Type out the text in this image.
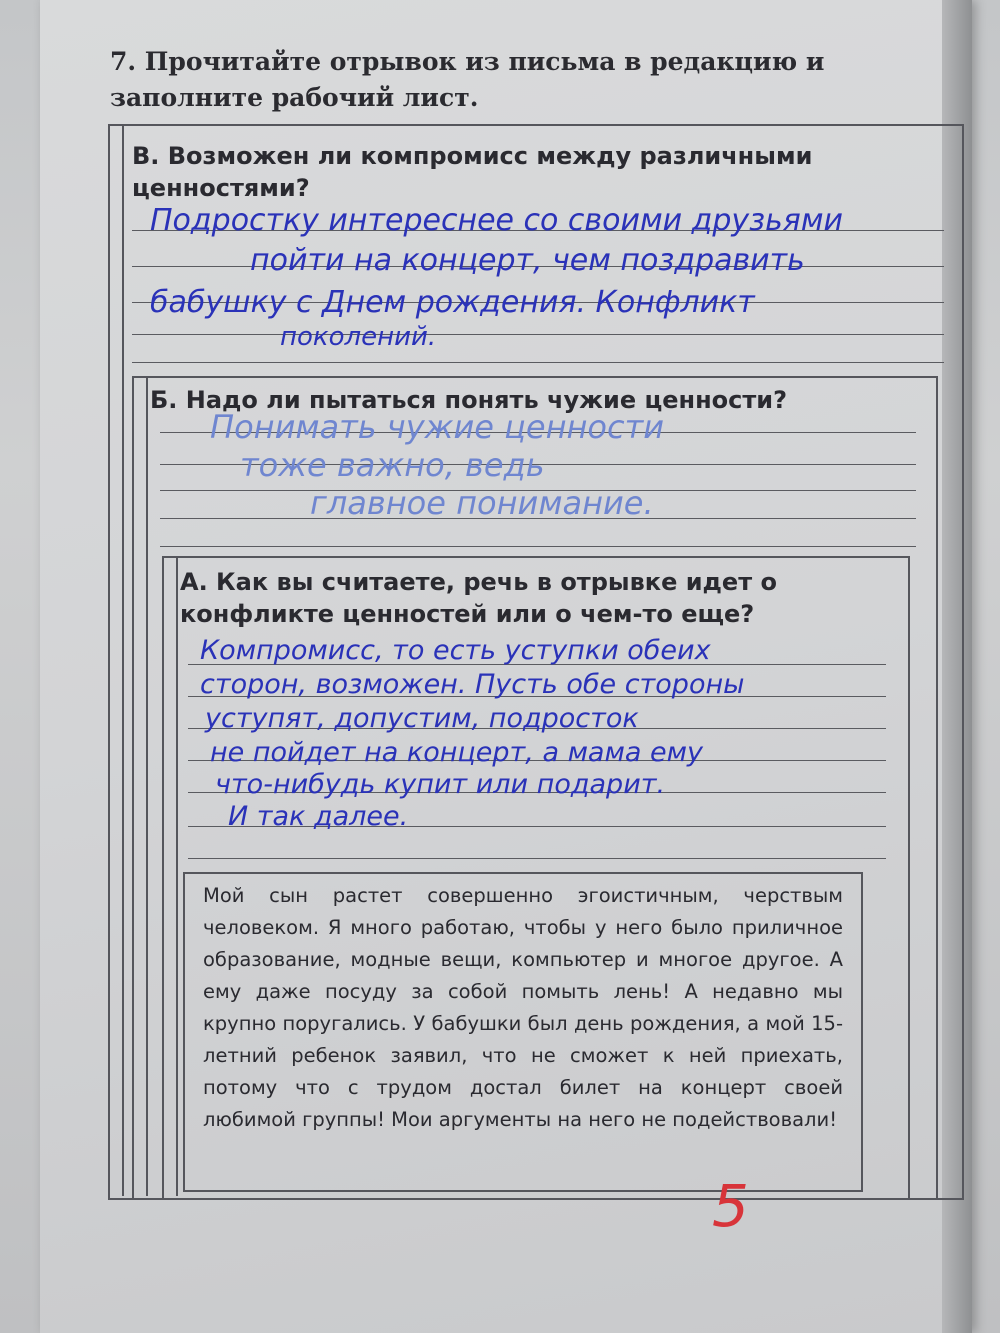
7. Прочитайте отрывок из письма в редакцию и заполните рабочий лист.

В. Возможен ли компромисс между различными ценностями?

Подростку интереснее со своими друзьями

пойти на концерт, чем поздравить

бабушку с Днем рождения. Конфликт

поколений.

Б. Надо ли пытаться понять чужие ценности?

Понимать чужие ценности

тоже важно, ведь

главное понимание.

А. Как вы считаете, речь в отрывке идет о конфликте ценностей или о чем-то еще?

Компромисс, то есть уступки обеих

сторон, возможен. Пусть обе стороны

уступят, допустим, подросток

не пойдет на концерт, а мама ему

что-нибудь купит или подарит.

И так далее.

Мой сын растет совершенно эгоистичным, черствым человеком. Я много работаю, чтобы у него было приличное образование, модные вещи, компьютер и многое другое. А ему даже посуду за собой помыть лень! А недавно мы крупно поругались. У бабушки был день рождения, а мой 15-летний ребенок заявил, что не сможет к ней приехать, потому что с трудом достал билет на концерт своей любимой группы! Мои аргументы на него не подействовали!

5
